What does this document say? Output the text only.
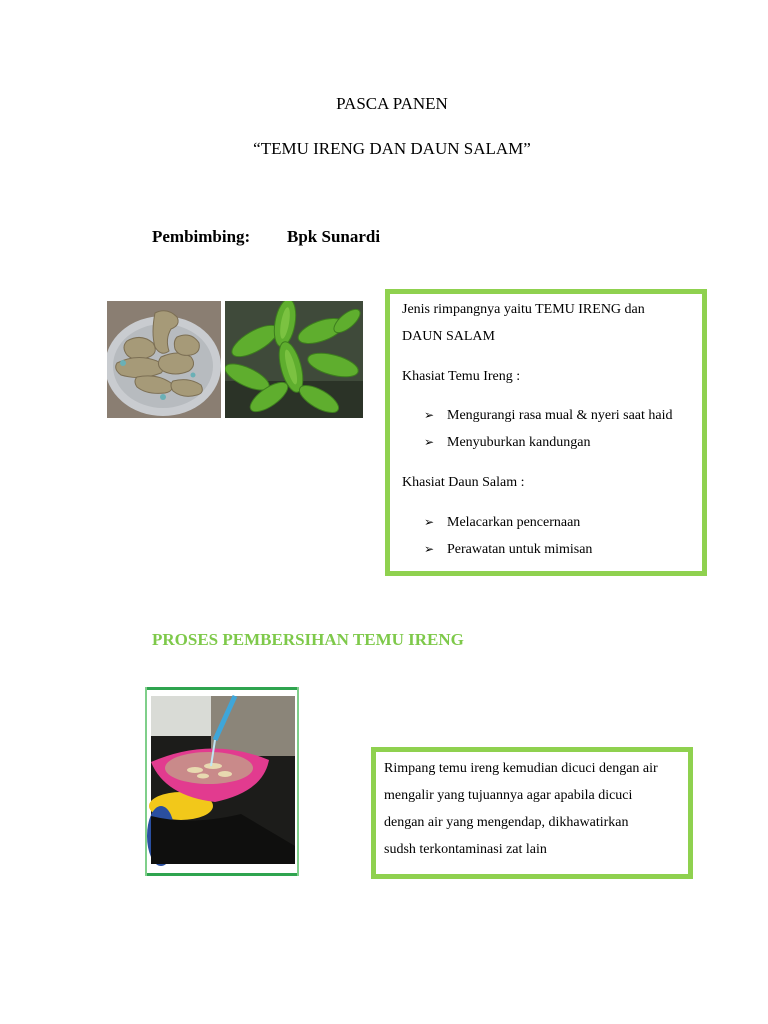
PASCA PANEN
“TEMU IRENG DAN DAUN SALAM”
Pembimbing: Bpk Sunardi
Jenis rimpangnya yaitu TEMU IRENG dan
DAUN SALAM
Khasiat Temu Ireng :
➢ Mengurangi rasa mual & nyeri saat haid
➢ Menyuburkan kandungan
Khasiat Daun Salam :
➢ Melacarkan pencernaan
➢ Perawatan untuk mimisan
PROSES PEMBERSIHAN TEMU IRENG
Rimpang temu ireng kemudian dicuci dengan air
mengalir yang tujuannya agar apabila dicuci
dengan air yang mengendap, dikhawatirkan
sudsh terkontaminasi zat lain
